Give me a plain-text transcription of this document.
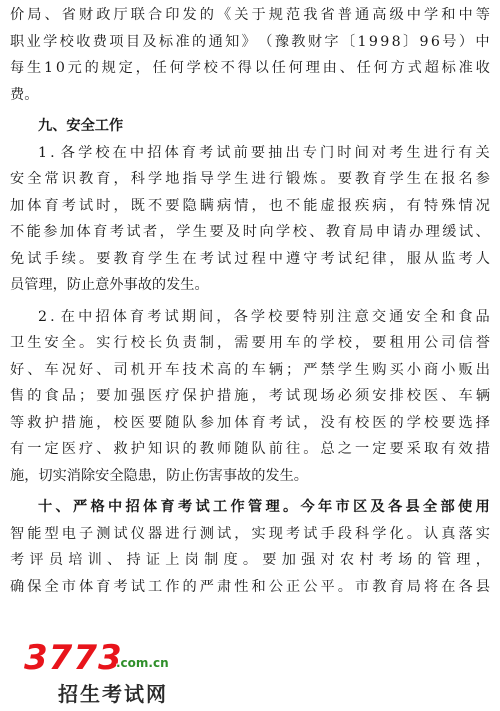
价 局 、 省 财 政 厅 联 合 印 发 的 《 关 于 规 范 我 省 普 通 高 级 中 学 和 中 等
职 业 学 校 收 费 项 目 及 标 准 的 通 知 》 （ 豫 教 财 字 〔 1 9 9 8 〕 9 6 号 ） 中
每 生 1 0 元 的 规 定 ， 任 何 学 校 不 得 以 任 何 理 由 、 任 何 方 式 超 标 准 收
费。
九、安全工作
1 . 各 学 校 在 中 招 体 育 考 试 前 要 抽 出 专 门 时 间 对 考 生 进 行 有 关
安 全 常 识 教 育 ， 科 学 地 指 导 学 生 进 行 锻 炼 。 要 教 育 学 生 在 报 名 参
加 体 育 考 试 时 ， 既 不 要 隐 瞒 病 情 ， 也 不 能 虚 报 疾 病 ， 有 特 殊 情 况
不 能 参 加 体 育 考 试 者 ， 学 生 要 及 时 向 学 校 、 教 育 局 申 请 办 理 缓 试 、
免 试 手 续 。 要 教 育 学 生 在 考 试 过 程 中 遵 守 考 试 纪 律 ， 服 从 监 考 人
员管理，防止意外事故的发生。
2 . 在 中 招 体 育 考 试 期 间 ， 各 学 校 要 特 别 注 意 交 通 安 全 和 食 品
卫 生 安 全 。 实 行 校 长 负 责 制 ， 需 要 用 车 的 学 校 ， 要 租 用 公 司 信 誉
好 、 车 况 好 、 司 机 开 车 技 术 高 的 车 辆 ； 严 禁 学 生 购 买 小 商 小 贩 出
售 的 食 品 ； 要 加 强 医 疗 保 护 措 施 ， 考 试 现 场 必 须 安 排 校 医 、 车 辆
等 救 护 措 施 ， 校 医 要 随 队 参 加 体 育 考 试 ， 没 有 校 医 的 学 校 要 选 择
有 一 定 医 疗 、 救 护 知 识 的 教 师 随 队 前 往 。 总 之 一 定 要 采 取 有 效 措
施，切实消除安全隐患，防止伤害事故的发生。
十 、 严 格 中 招 体 育 考 试 工 作 管 理 。 今 年 市 区 及 各 县 全 部 使 用
智 能 型 电 子 测 试 仪 器 进 行 测 试 ， 实 现 考 试 手 段 科 学 化 。 认 真 落 实
考 评 员 培 训 、 持 证 上 岗 制 度 。 要 加 强 对 农 村 考 场 的 管 理 ，
确 保 全 市 体 育 考 试 工 作 的 严 肃 性 和 公 正 公 平 。 市 教 育 局 将 在 各 县
3773
.com.cn
招生考试网
